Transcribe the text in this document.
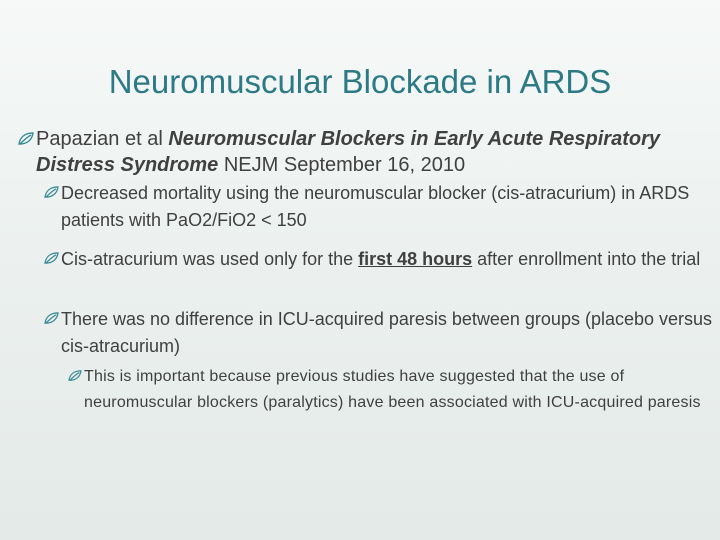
Neuromuscular Blockade in ARDS
Papazian et al Neuromuscular Blockers in Early Acute Respiratory Distress Syndrome NEJM September 16, 2010
Decreased mortality using the neuromuscular blocker (cis-atracurium) in ARDS patients with PaO2/FiO2 < 150
Cis-atracurium was used only for the first 48 hours after enrollment into the trial
There was no difference in ICU-acquired paresis between groups (placebo versus cis-atracurium)
This is important because previous studies have suggested that the use of neuromuscular blockers (paralytics) have been associated with ICU-acquired paresis
